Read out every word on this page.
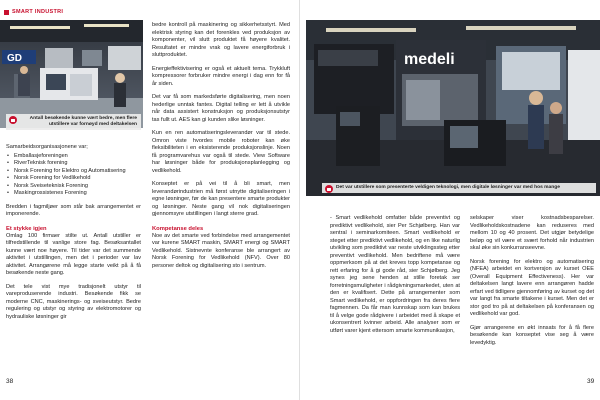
SMART INDUSTRI
GD
Antall besøkende kunne vært bedre, men flere utstillere var fornøyd med deltakelsen

Samarbeidsorganisasjonene var;

• Emballasjeforeningen
• RiverTeknisk forening
• Norsk Forening for Elektro og Automatisering
• Norsk Forening for Vedlikehold
• Norsk Sveiseteknisk Forening
• Maskingrossistenes Forening

Bredden i fagmiljøer som står bak arrangementet er imponerende.

Et stykke igjen

Omlag 100 firmaer stilte ut. Antall utstiller er tilfredstillende til vanlige store fag. Besøksantallet kunne vært noe høyere. Til tider var det summende aktivitet i utstillingen, men det i perioder var lav aktivitet. Arrangørene må legge starte veikt på å få besøkende neste gang.

Det tele vist mye tradisjonelt utstyr til vareproduserende industri. Besøkende fikk se moderne CNC, maskinerings- og sveiseutstyr. Bedre regulering og utstyr og styring av elektromotorer og hydrauliske løsninger gir

bedre kontroll på maskinering og sikkerhetsstyrt. Med elektrisk styring kan det forenkles ved produksjon av komponenter, vil slutt produktet få høyere kvalitet. Resultatet er mindre vrak og lavere energiforbruk i sluttproduktet.

Energieffektivisering er også et aktuelt tema. Trykkluft kompressorer forbruker mindre energi i dag enn for få år siden.

Det var få som markedsførte digitalisering, men noen hederlige unntak fantes. Digital telling er lett å utvikle når data assistert konstruksjon og produksjonsutstyr tas fullt ut. AES kan gi kunden slike løsninger.

Kun en ren automatiseringsleverandør var til stede. Omron viste hvordes mobile roboter kan øke fleksibiliteten i en eksisterende produksjonslinje. Noen få programvarehus var også til stede. View Software har løsninger både for produksjonsplanlegging og vedlikehold.

Konseptet er på vei til å bli smart, men leverandørindustrien må først utnytte digitaliseringen i egne løsninger, før de kan presentere smarte produkter og løsninger. Neste gang vil nok digitaliseringen gjennomsyre utstillingen i langt sterre grad.

Kompetanse deles

Noe av det smarte ved forbindelse med arrangementet var kurene SMART maskin, SMART energi og SMART Vedlikehold. Sistnevnte konferanse ble arrangert av Norsk Forening for Vedlikehold (NFV). Over 80 personer deltok og digitalisering sto i sentrum.

38	39
medeli
Det var utstillere som presenterte veldigen teknologi, men digitale løsninger var med hos mange

- Smart vedlikehold omfatter både preventivt og prediktivt vedlikehold, sier Per Schjølberg. Han var sentral i seminarkomiteen. Smart vedlikehold er steget etter prediktivt vedlikehold, og en like naturlig utvikling som prediktivt var neste utviklingssteg etter preventivt vedlikehold. Men bedriftene må være oppmerksom på at det kreves topp kompetanse og rett erfaring for å gi gode råd, sier Schjølberg. Jeg synes jeg sene henden at stille foretak ser forretningsmuligheter i rådgivningsmarkedet, uten at den er kvalifisert. Dette på arrangementer som Smart vedlikehold, er oppfordringen fra deres flere fagmennen. Da får man kunnskap som kan brukes til å velge gode rådgivere i arbeidet med å skape et ukonsentrert kvinner arbeid. Alle analyser som er utført varer kjent ettersom smarte kommunikasjon,

selskaper viser kostnadsbesparelser. Vedlikeholdskostnadene kan reduseres med mellom 10 og 40 prosent. Det utgjør betydelige beløp og vil være et svært forhold når industrien skal øke sin konkurranseevne.

Norsk forening for elektro og automatisering (NFEA) arbeidet en kortversjon av kurset OEE (Overall Equipment Effectiveness). Her var deltakelsen langt lavere enn arrangøren hadde erfart ved tidligere gjennomføring av kurset og det var langt fra smarte tiltakene i kurset. Men det er stor god tro på at deltakelsen på konferansen og vedlikehold var god.

Gjør arrangerene en økt innsats for å få flere besøkende kan konseptet vise seg å være levedyktig.
